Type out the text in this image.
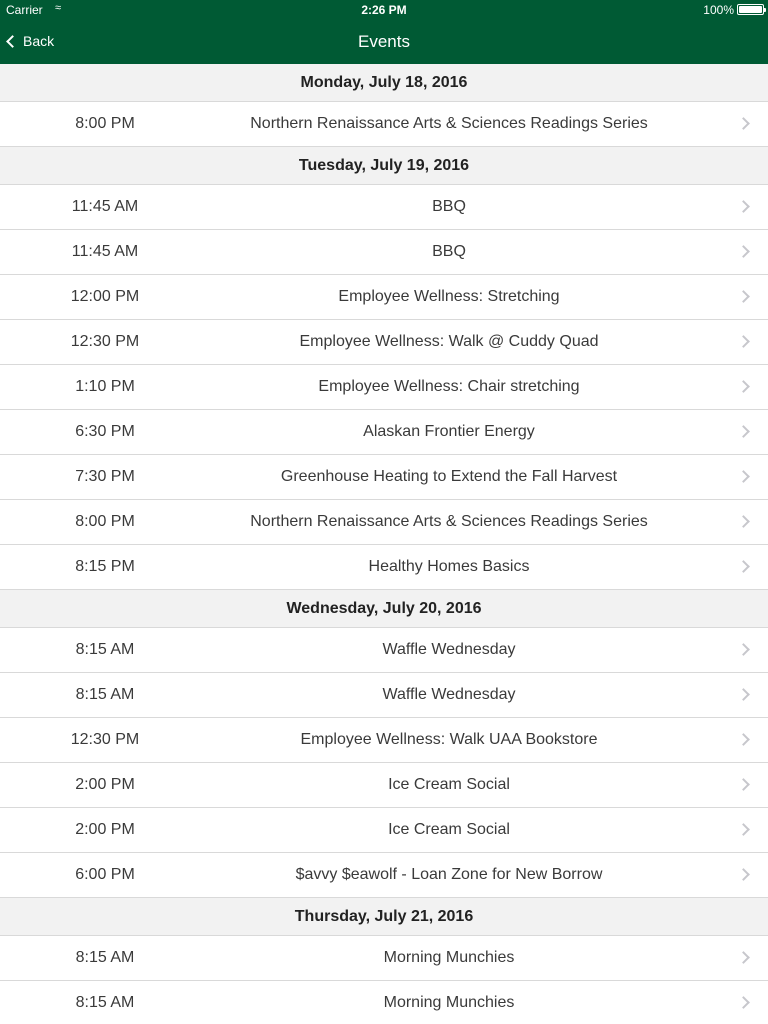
Carrier ≈	2:26 PM	100%
Back	Events
Monday, July 18, 2016
8:00 PM	Northern Renaissance Arts & Sciences Readings Series
Tuesday, July 19, 2016
11:45 AM	BBQ
11:45 AM	BBQ
12:00 PM	Employee Wellness: Stretching
12:30 PM	Employee Wellness: Walk @ Cuddy Quad
1:10 PM	Employee Wellness: Chair stretching
6:30 PM	Alaskan Frontier Energy
7:30 PM	Greenhouse Heating to Extend the Fall Harvest
8:00 PM	Northern Renaissance Arts & Sciences Readings Series
8:15 PM	Healthy Homes Basics
Wednesday, July 20, 2016
8:15 AM	Waffle Wednesday
8:15 AM	Waffle Wednesday
12:30 PM	Employee Wellness: Walk UAA Bookstore
2:00 PM	Ice Cream Social
2:00 PM	Ice Cream Social
6:00 PM	$avvy $eawolf - Loan Zone for New Borrow
Thursday, July 21, 2016
8:15 AM	Morning Munchies
8:15 AM	Morning Munchies
